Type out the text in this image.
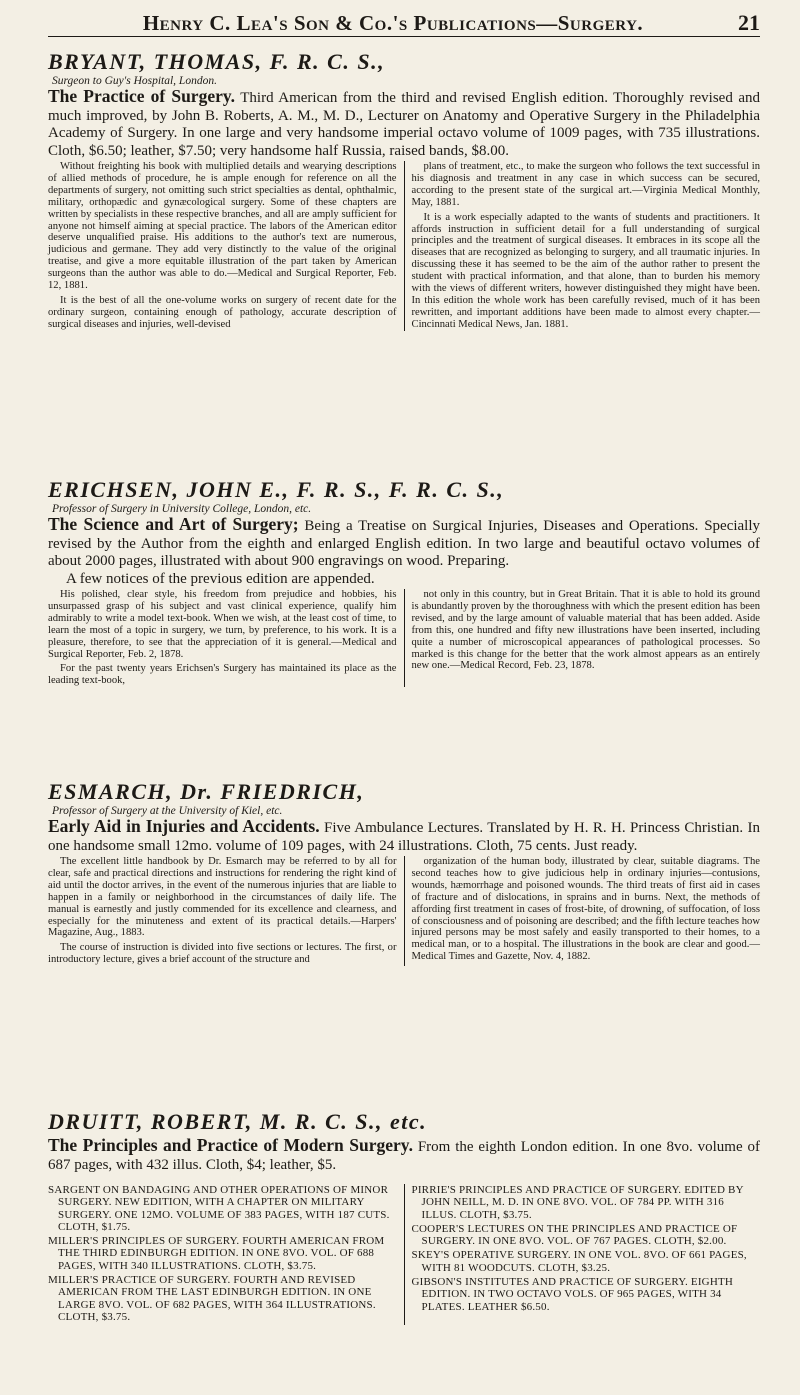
Henry C. Lea's Son & Co.'s Publications—Surgery.	21
BRYANT, THOMAS, F. R. C. S.,
Surgeon to Guy's Hospital, London.

The Practice of Surgery. Third American from the third and revised English edition. Thoroughly revised and much improved, by John B. Roberts, A. M., M. D., Lecturer on Anatomy and Operative Surgery in the Philadelphia Academy of Surgery. In one large and very handsome imperial octavo volume of 1009 pages, with 735 illustrations. Cloth, $6.50; leather, $7.50; very handsome half Russia, raised bands, $8.00.

Without freighting his book with multiplied details and wearying descriptions of allied methods of procedure, he is ample enough for reference on all the departments of surgery, not omitting such strict specialties as dental, ophthalmic, military, orthopædic and gynæcological surgery. Some of these chapters are written by specialists in these respective branches, and all are amply sufficient for anyone not himself aiming at special practice. The labors of the American editor deserve unqualified praise. His additions to the author's text are numerous, judicious and germane. They add very distinctly to the value of the original treatise, and give a more equitable illustration of the part taken by American surgeons than the author was able to do.—Medical and Surgical Reporter, Feb. 12, 1881.

It is the best of all the one-volume works on surgery of recent date for the ordinary surgeon, containing enough of pathology, accurate description of surgical diseases and injuries, well-devised

plans of treatment, etc., to make the surgeon who follows the text successful in his diagnosis and treatment in any case in which success can be secured, according to the present state of the surgical art.—Virginia Medical Monthly, May, 1881.

It is a work especially adapted to the wants of students and practitioners. It affords instruction in sufficient detail for a full understanding of surgical principles and the treatment of surgical diseases. It embraces in its scope all the diseases that are recognized as belonging to surgery, and all traumatic injuries. In discussing these it has seemed to be the aim of the author rather to present the student with practical information, and that alone, than to burden his memory with the views of different writers, however distinguished they might have been. In this edition the whole work has been carefully revised, much of it has been rewritten, and important additions have been made to almost every chapter.—Cincinnati Medical News, Jan. 1881.

ERICHSEN, JOHN E., F. R. S., F. R. C. S.,
Professor of Surgery in University College, London, etc.

The Science and Art of Surgery; Being a Treatise on Surgical Injuries, Diseases and Operations. Specially revised by the Author from the eighth and enlarged English edition. In two large and beautiful octavo volumes of about 2000 pages, illustrated with about 900 engravings on wood. Preparing.

A few notices of the previous edition are appended.

His polished, clear style, his freedom from prejudice and hobbies, his unsurpassed grasp of his subject and vast clinical experience, qualify him admirably to write a model text-book. When we wish, at the least cost of time, to learn the most of a topic in surgery, we turn, by preference, to his work. It is a pleasure, therefore, to see that the appreciation of it is general.—Medical and Surgical Reporter, Feb. 2, 1878.

For the past twenty years Erichsen's Surgery has maintained its place as the leading text-book,

not only in this country, but in Great Britain. That it is able to hold its ground is abundantly proven by the thoroughness with which the present edition has been revised, and by the large amount of valuable material that has been added. Aside from this, one hundred and fifty new illustrations have been inserted, including quite a number of microscopical appearances of pathological processes. So marked is this change for the better that the work almost appears as an entirely new one.—Medical Record, Feb. 23, 1878.

ESMARCH, Dr. FRIEDRICH,
Professor of Surgery at the University of Kiel, etc.

Early Aid in Injuries and Accidents. Five Ambulance Lectures. Translated by H. R. H. Princess Christian. In one handsome small 12mo. volume of 109 pages, with 24 illustrations. Cloth, 75 cents. Just ready.

The excellent little handbook by Dr. Esmarch may be referred to by all for clear, safe and practical directions and instructions for rendering the right kind of aid until the doctor arrives, in the event of the numerous injuries that are liable to happen in a family or neighborhood in the circumstances of daily life. The manual is earnestly and justly commended for its excellence and clearness, and especially for the minuteness and extent of its practical details.—Harpers' Magazine, Aug., 1883.

The course of instruction is divided into five sections or lectures. The first, or introductory lecture, gives a brief account of the structure and

organization of the human body, illustrated by clear, suitable diagrams. The second teaches how to give judicious help in ordinary injuries—contusions, wounds, hæmorrhage and poisoned wounds. The third treats of first aid in cases of fracture and of dislocations, in sprains and in burns. Next, the methods of affording first treatment in cases of frost-bite, of drowning, of suffocation, of loss of consciousness and of poisoning are described; and the fifth lecture teaches how injured persons may be most safely and easily transported to their homes, to a medical man, or to a hospital. The illustrations in the book are clear and good.—Medical Times and Gazette, Nov. 4, 1882.

DRUITT, ROBERT, M. R. C. S., etc.

The Principles and Practice of Modern Surgery. From the eighth London edition. In one 8vo. volume of 687 pages, with 432 illus. Cloth, $4; leather, $5.

SARGENT ON BANDAGING AND OTHER OPERATIONS OF MINOR SURGERY. NEW EDITION, WITH A CHAPTER ON MILITARY SURGERY. ONE 12MO. VOLUME OF 383 PAGES, WITH 187 CUTS. CLOTH, $1.75.

MILLER'S PRINCIPLES OF SURGERY. FOURTH AMERICAN FROM THE THIRD EDINBURGH EDITION. IN ONE 8VO. VOL. OF 688 PAGES, WITH 340 ILLUSTRATIONS. CLOTH, $3.75.

MILLER'S PRACTICE OF SURGERY. FOURTH AND REVISED AMERICAN FROM THE LAST EDINBURGH EDITION. IN ONE LARGE 8VO. VOL. OF 682 PAGES, WITH 364 ILLUSTRATIONS. CLOTH, $3.75.

PIRRIE'S PRINCIPLES AND PRACTICE OF SURGERY. EDITED BY JOHN NEILL, M. D. IN ONE 8VO. VOL. OF 784 PP. WITH 316 ILLUS. CLOTH, $3.75.

COOPER'S LECTURES ON THE PRINCIPLES AND PRACTICE OF SURGERY. IN ONE 8VO. VOL. OF 767 PAGES. CLOTH, $2.00.

SKEY'S OPERATIVE SURGERY. IN ONE VOL. 8VO. OF 661 PAGES, WITH 81 WOODCUTS. CLOTH, $3.25.

GIBSON'S INSTITUTES AND PRACTICE OF SURGERY. EIGHTH EDITION. IN TWO OCTAVO VOLS. OF 965 PAGES, WITH 34 PLATES. LEATHER $6.50.
